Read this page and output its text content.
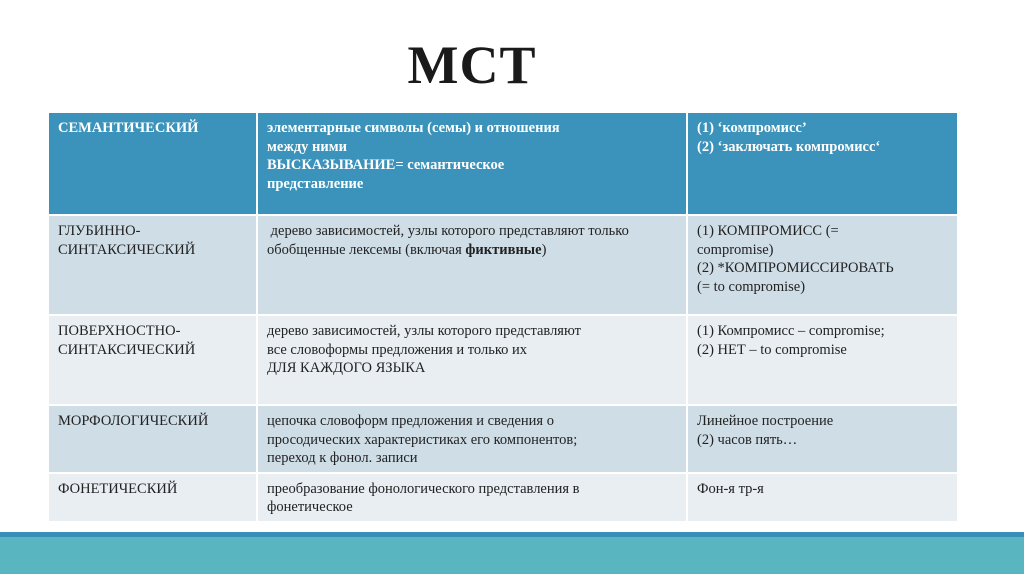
МСТ
СЕМАНТИЧЕСКИЙ	элементарные символы (семы) и отношения
между ними
ВЫСКАЗЫВАНИЕ= семантическое
представление	(1) ‘компромисс’
(2) ‘заключать компромисс‘

ГЛУБИННО-СИНТАКСИЧЕСКИЙ	дерево зависимостей, узлы которого представляют только обобщенные лексемы (включая фиктивные)	(1) КОМПРОМИСС (=
compromise)
(2) *КОМПРОМИССИРОВАТЬ
(= to compromise)

ПОВЕРХНОСТНО-СИНТАКСИЧЕСКИЙ	дерево зависимостей, узлы которого представляют
все словоформы предложения и только их
ДЛЯ КАЖДОГО ЯЗЫКА	(1) Компромисс – compromise;
(2) НЕТ – to compromise

МОРФОЛОГИЧЕСКИЙ	цепочка словоформ предложения и сведения о
просодических характеристиках его компонентов;
переход к фонол. записи	Линейное построение
(2) часов пять…

ФОНЕТИЧЕСКИЙ	преобразование фонологического представления в
фонетическое	Фон-я тр-я
